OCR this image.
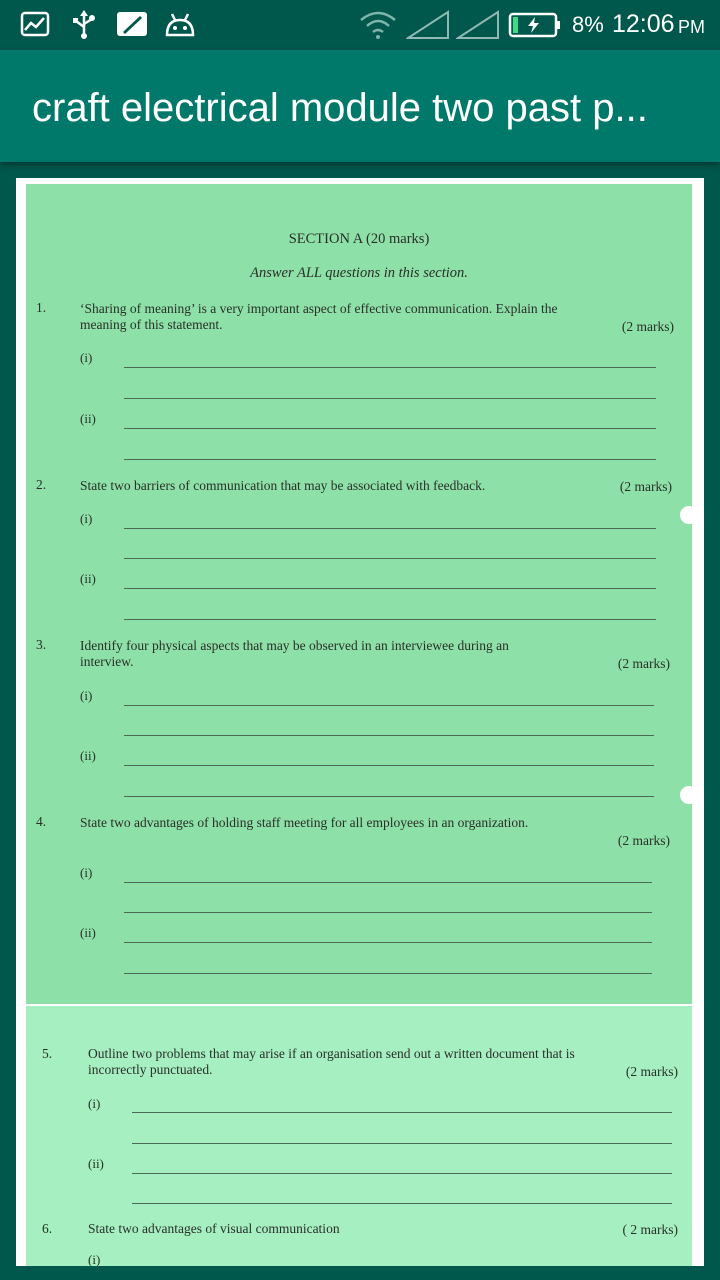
8% 12:06 PM
craft electrical module two past p...
SECTION A (20 marks)
Answer ALL questions in this section.
1.	‘Sharing of meaning’ is a very important aspect of effective communication. Explain the
meaning of this statement.	(2 marks)
(i)
(ii)
2.	State two barriers of communication that may be associated with feedback.	(2 marks)
(i)
(ii)
3.	Identify four physical aspects that may be observed in an interviewee during an
interview.	(2 marks)
(i)
(ii)
4.	State two advantages of holding staff meeting for all employees in an organization.
(2 marks)
(i)
(ii)
5.	Outline two problems that may arise if an organisation send out a written document that is
incorrectly punctuated.	(2 marks)
(i)
(ii)
6.	State two advantages of visual communication	( 2 marks)
(i)
